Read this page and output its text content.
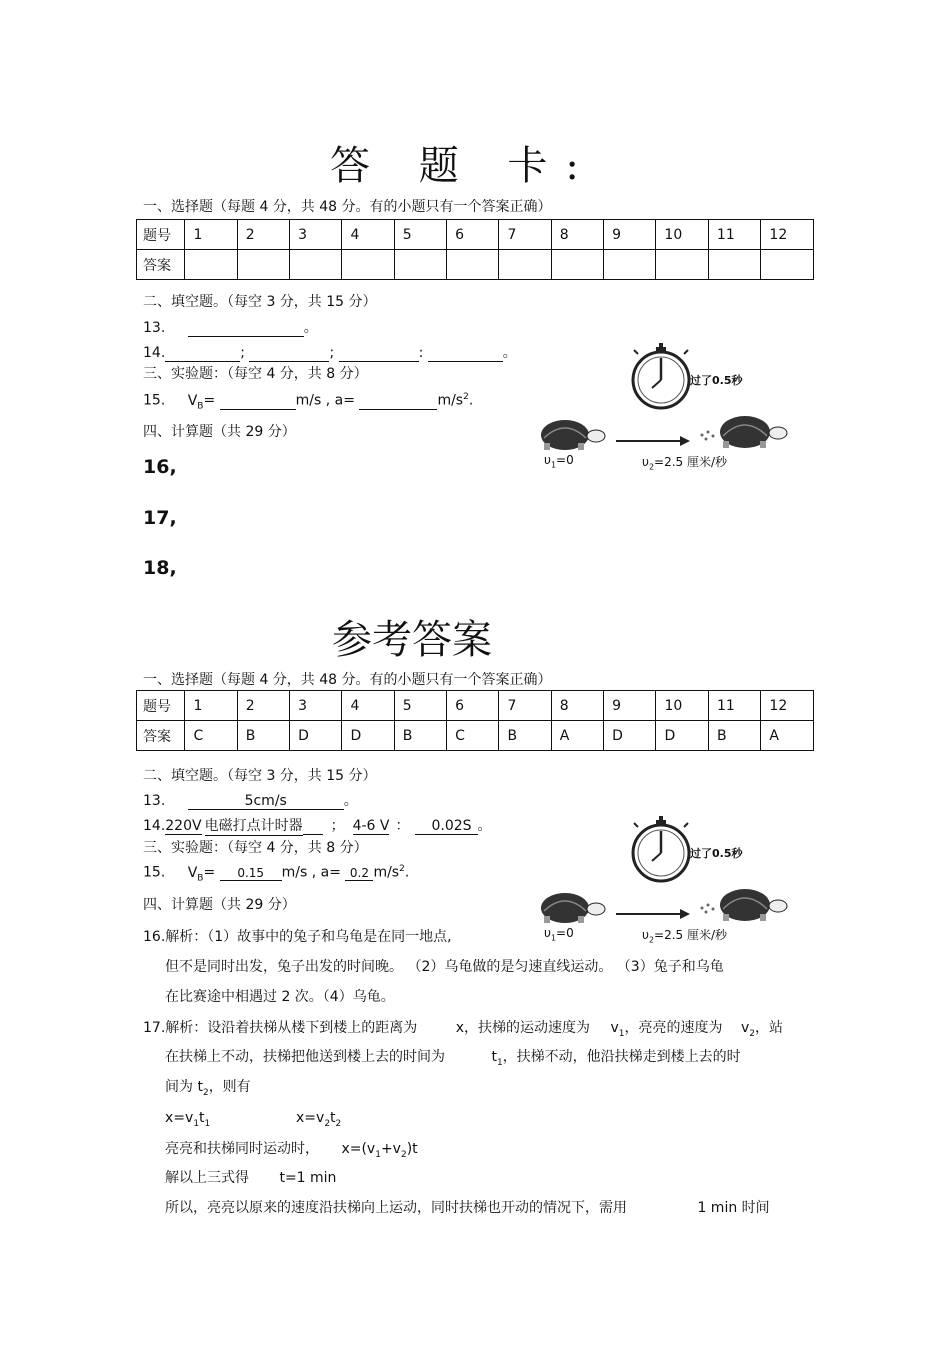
答 题 卡:
一、选择题（每题 4 分，共 48 分。有的小题只有一个答案正确）
题号	1	2	3	4	5	6	7	8	9	10	11	12
答案												
二、填空题。（每空 3 分，共 15 分）
13.	。
14.	;	;	:	。
三、实验题：（每空 4 分，共 8 分）
15. $V_B=$	m/s , a=	$m/s^2$.
四、计算题（共 29 分）
16,
17,
18,
过了0.5秒
$\upsilon_1=0$	$\upsilon_2=2.5$ 厘米/秒
参考答案
一、选择题（每题 4 分，共 48 分。有的小题只有一个答案正确）
题号	1	2	3	4	5	6	7	8	9	10	11	12
答案	C	B	D	D	B	C	B	A	D	D	B	A
二、填空题。（每空 3 分，共 15 分）
13.	5cm/s	。
14.220V 电磁打点计时器 ； 4-6 V ： 0.02S 。
三、实验题：（每空 4 分，共 8 分）
15. $V_B= 0.15$ m/s , a= 0.2 $m/s^2$.
四、计算题（共 29 分）
16.解析：（1）故事中的兔子和乌龟是在同一地点,
但不是同时出发，兔子出发的时间晚。 （2）乌龟做的是匀速直线运动。 （3）兔子和乌龟
在比赛途中相遇过 2 次。（4）乌龟。
17.解析：设沿着扶梯从楼下到楼上的距离为	x，扶梯的运动速度为 $v_1$，亮亮的速度为 $v_2$，站
在扶梯上不动，扶梯把他送到楼上去的时间为	$t_1$，扶梯不动，他沿扶梯走到楼上去的时
间为 $t_2$，则有
$x=v_1t_1$	$x=v_2t_2$
亮亮和扶梯同时运动时， $x=(v_1+v_2)t$
解以上三式得 t=1 min
所以，亮亮以原来的速度沿扶梯向上运动，同时扶梯也开动的情况下，需用	1 min 时间
过了0.5秒
$\upsilon_1=0$	$\upsilon_2=2.5$ 厘米/秒
